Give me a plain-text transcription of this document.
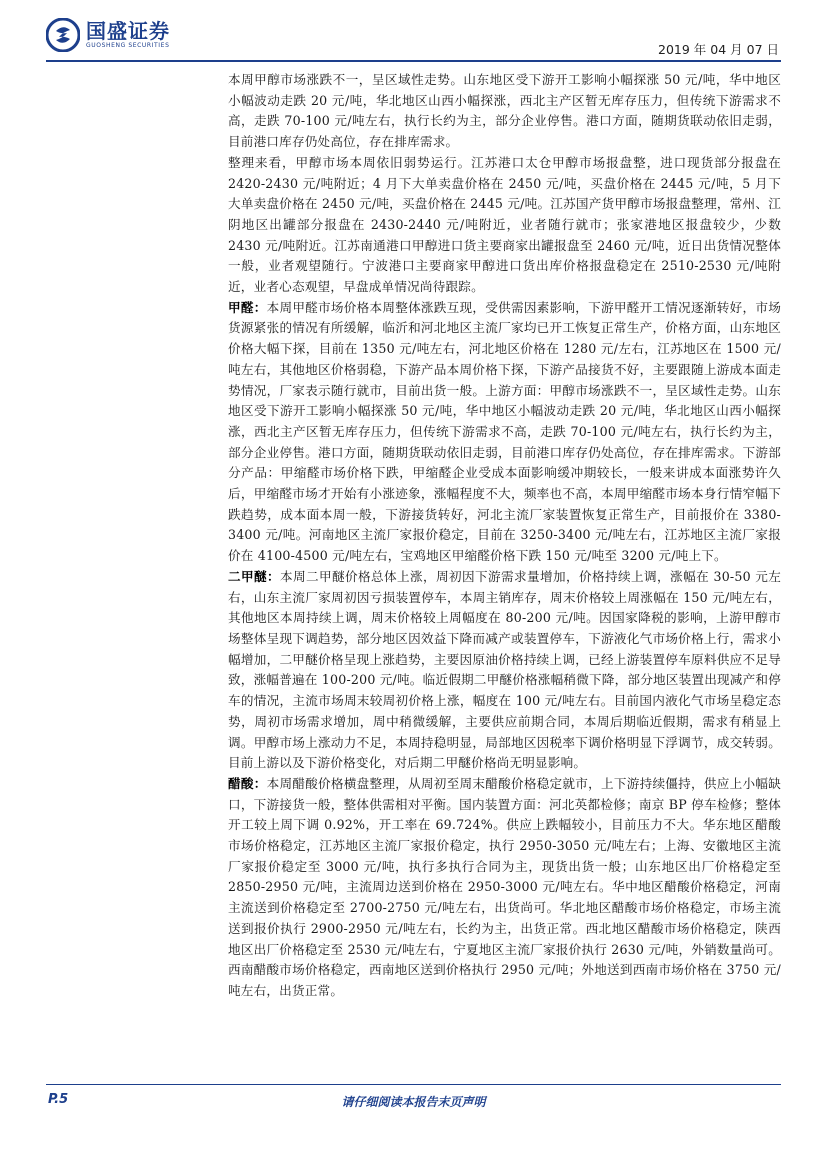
国盛证券
GUOSHENG SECURITIES	2019 年 04 月 07 日

本周甲醇市场涨跌不一，呈区域性走势。山东地区受下游开工影响小幅探涨 50 元/吨，华中地区小幅波动走跌 20 元/吨，华北地区山西小幅探涨，西北主产区暂无库存压力，但传统下游需求不高，走跌 70-100 元/吨左右，执行长约为主，部分企业停售。港口方面，随期货联动依旧走弱，目前港口库存仍处高位，存在排库需求。

整理来看，甲醇市场本周依旧弱势运行。江苏港口太仓甲醇市场报盘整，进口现货部分报盘在 2420-2430 元/吨附近；4 月下大单卖盘价格在 2450 元/吨，买盘价格在 2445 元/吨，5 月下大单卖盘价格在 2450 元/吨，买盘价格在 2445 元/吨。江苏国产货甲醇市场报盘整理，常州、江阴地区出罐部分报盘在 2430-2440 元/吨附近，业者随行就市；张家港地区报盘较少，少数 2430 元/吨附近。江苏南通港口甲醇进口货主要商家出罐报盘至 2460 元/吨，近日出货情况整体一般，业者观望随行。宁波港口主要商家甲醇进口货出库价格报盘稳定在 2510-2530 元/吨附近，业者心态观望，早盘成单情况尚待跟踪。

甲醛：本周甲醛市场价格本周整体涨跌互现，受供需因素影响，下游甲醛开工情况逐渐转好，市场货源紧张的情况有所缓解，临沂和河北地区主流厂家均已开工恢复正常生产，价格方面，山东地区价格大幅下探，目前在 1350 元/吨左右，河北地区价格在 1280 元/左右，江苏地区在 1500 元/吨左右，其他地区价格弱稳，下游产品本周价格下探，下游产品接货不好，主要跟随上游成本面走势情况，厂家表示随行就市，目前出货一般。上游方面：甲醇市场涨跌不一，呈区域性走势。山东地区受下游开工影响小幅探涨 50 元/吨，华中地区小幅波动走跌 20 元/吨，华北地区山西小幅探涨，西北主产区暂无库存压力，但传统下游需求不高，走跌 70-100 元/吨左右，执行长约为主，部分企业停售。港口方面，随期货联动依旧走弱，目前港口库存仍处高位，存在排库需求。下游部分产品：甲缩醛市场价格下跌，甲缩醛企业受成本面影响缓冲期较长，一般来讲成本面涨势许久后，甲缩醛市场才开始有小涨迹象，涨幅程度不大，频率也不高，本周甲缩醛市场本身行情窄幅下跌趋势，成本面本周一般，下游接货转好，河北主流厂家装置恢复正常生产，目前报价在 3380-3400 元/吨。河南地区主流厂家报价稳定，目前在 3250-3400 元/吨左右，江苏地区主流厂家报价在 4100-4500 元/吨左右，宝鸡地区甲缩醛价格下跌 150 元/吨至 3200 元/吨上下。

二甲醚：本周二甲醚价格总体上涨，周初因下游需求量增加，价格持续上调，涨幅在 30-50 元左右，山东主流厂家周初因亏损装置停车，本周主销库存，周末价格较上周涨幅在 150 元/吨左右，其他地区本周持续上调，周末价格较上周幅度在 80-200 元/吨。因国家降税的影响，上游甲醇市场整体呈现下调趋势，部分地区因效益下降而减产或装置停车，下游液化气市场价格上行，需求小幅增加，二甲醚价格呈现上涨趋势，主要因原油价格持续上调，已经上游装置停车原料供应不足导致，涨幅普遍在 100-200 元/吨。临近假期二甲醚价格涨幅稍微下降，部分地区装置出现减产和停车的情况，主流市场周末较周初价格上涨，幅度在 100 元/吨左右。目前国内液化气市场呈稳定态势，周初市场需求增加，周中稍微缓解，主要供应前期合同，本周后期临近假期，需求有稍显上调。甲醇市场上涨动力不足，本周持稳明显，局部地区因税率下调价格明显下浮调节，成交转弱。目前上游以及下游价格变化，对后期二甲醚价格尚无明显影响。

醋酸：本周醋酸价格横盘整理，从周初至周末醋酸价格稳定就市，上下游持续僵持，供应上小幅缺口，下游接货一般，整体供需相对平衡。国内装置方面：河北英都检修；南京 BP 停车检修；整体开工较上周下调 0.92%，开工率在 69.724%。供应上跌幅较小，目前压力不大。华东地区醋酸市场价格稳定，江苏地区主流厂家报价稳定，执行 2950-3050 元/吨左右；上海、安徽地区主流厂家报价稳定至 3000 元/吨，执行多执行合同为主，现货出货一般；山东地区出厂价格稳定至 2850-2950 元/吨，主流周边送到价格在 2950-3000 元/吨左右。华中地区醋酸价格稳定，河南主流送到价格稳定至 2700-2750 元/吨左右，出货尚可。华北地区醋酸市场价格稳定，市场主流送到报价执行 2900-2950 元/吨左右，长约为主，出货正常。西北地区醋酸市场价格稳定，陕西地区出厂价格稳定至 2530 元/吨左右，宁夏地区主流厂家报价执行 2630 元/吨，外销数量尚可。西南醋酸市场价格稳定，西南地区送到价格执行 2950 元/吨；外地送到西南市场价格在 3750 元/吨左右，出货正常。

P.5	请仔细阅读本报告末页声明
